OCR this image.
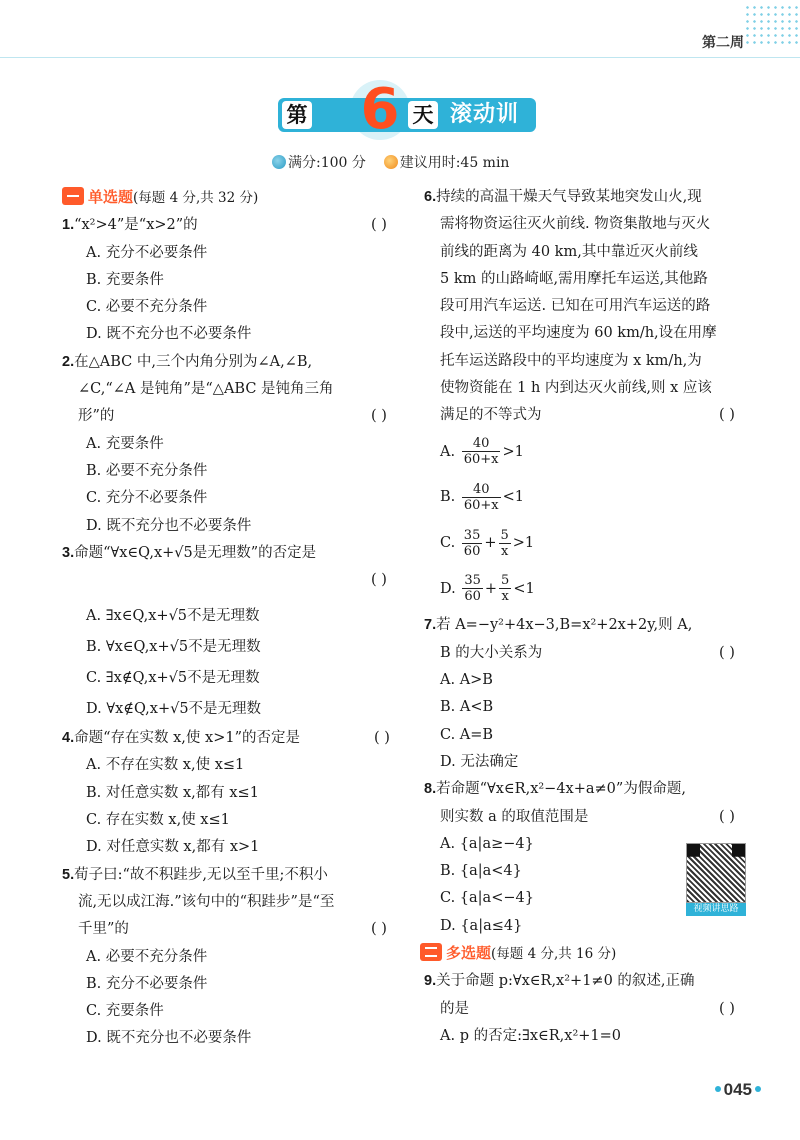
第二周
第 6 天 滚动训练
满分:100 分 建议用时:45 min

单选题(每题 4 分,共 32 分)

( )
1.“x²>4”是“x>2”的

A. 充分不必要条件

B. 充要条件

C. 必要不充分条件

D. 既不充分也不必要条件

2.在△ABC 中,三个内角分别为∠A,∠B,

∠C,“∠A 是钝角”是“△ABC 是钝角三角

( )
形”的

A. 充要条件

B. 必要不充分条件

C. 充分不必要条件

D. 既不充分也不必要条件

3.命题“∀x∈Q,x+√5是无理数”的否定是

( )

A. ∃x∈Q,x+√5不是无理数

B. ∀x∈Q,x+√5不是无理数

C. ∃x∉Q,x+√5不是无理数

D. ∀x∉Q,x+√5不是无理数

( )
4.命题“存在实数 x,使 x>1”的否定是

A. 不存在实数 x,使 x≤1

B. 对任意实数 x,都有 x≤1

C. 存在实数 x,使 x≤1

D. 对任意实数 x,都有 x>1

5.荀子曰:“故不积跬步,无以至千里;不积小

流,无以成江海.”该句中的“积跬步”是“至

( )
千里”的

A. 必要不充分条件

B. 充分不必要条件

C. 充要条件

D. 既不充分也不必要条件

6.持续的高温干燥天气导致某地突发山火,现

需将物资运往灭火前线. 物资集散地与灭火

前线的距离为 40 km,其中靠近灭火前线

5 km 的山路崎岖,需用摩托车运送,其他路

段可用汽车运送. 已知在可用汽车运送的路

段中,运送的平均速度为 60 km/h,设在用摩

托车运送路段中的平均速度为 x km/h,为

使物资能在 1 h 内到达灭火前线,则 x 应该

( )
满足的不等式为

A. $\frac{40}{60+x} >1$

B. $\frac{40}{60+x} <1$

C. $\frac{35}{60} + \frac{5}{x} >1$

D. $\frac{35}{60} + \frac{5}{x} <1$

7.若 A=−y²+4x−3,B=x²+2x+2y,则 A,

( )
B 的大小关系为

A. A>B

B. A<B

C. A=B

D. 无法确定

8.若命题“∀x∈R,x²−4x+a≠0”为假命题,

( )
则实数 a 的取值范围是

A. {a|a≥−4}

B. {a|a<4}

C. {a|a<−4}

D. {a|a≤4}

多选题(每题 4 分,共 16 分)

9.关于命题 p:∀x∈R,x²+1≠0 的叙述,正确

( )
的是

A. p 的否定:∃x∈R,x²+1=0

视频讲思路
045
